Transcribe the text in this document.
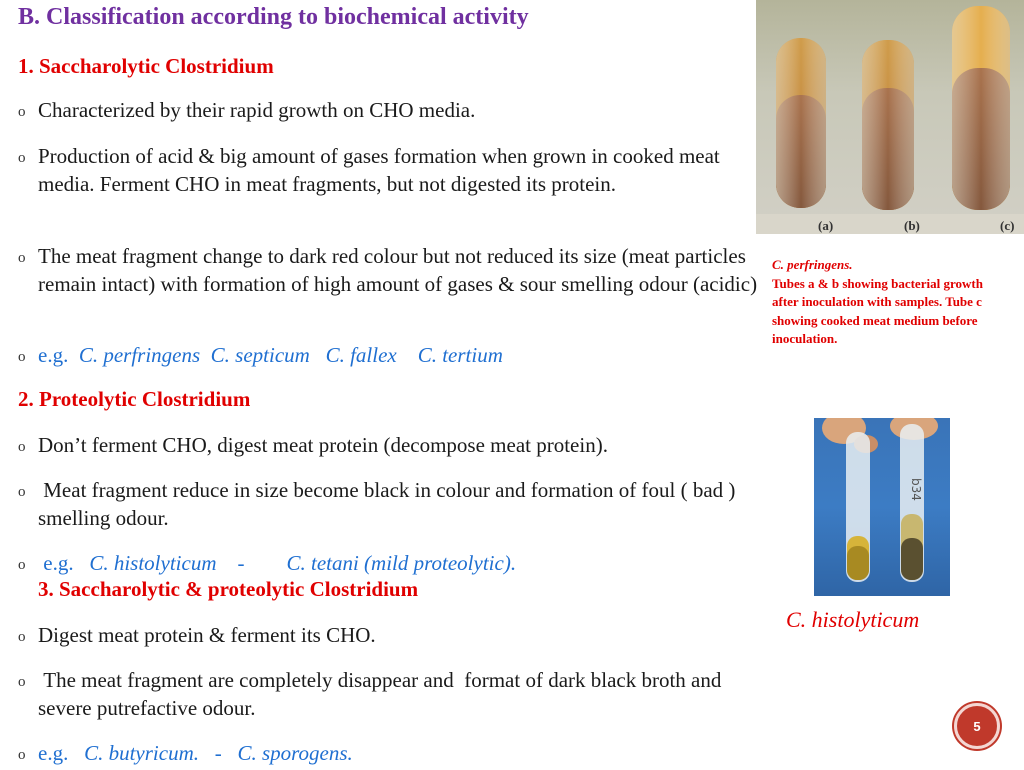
B. Classification according to biochemical activity
1. Saccharolytic Clostridium
o Characterized by their rapid growth on CHO media.
o Production of acid & big amount of gases formation when grown in cooked meat media. Ferment CHO in meat fragments, but not digested its protein.
o The meat fragment change to dark red colour but not reduced its size (meat particles remain intact) with formation of high amount of gases & sour smelling odour (acidic)
o e.g. C. perfringens  C. septicum   C. fallex    C. tertium
2. Proteolytic Clostridium
o Don’t ferment CHO, digest meat protein (decompose meat protein).
o Meat fragment reduce in size become black in colour and formation of foul ( bad ) smelling odour.
o e.g. C. histolyticum    -        C. tetani (mild proteolytic).
3. Saccharolytic & proteolytic Clostridium
o Digest meat protein & ferment its CHO.
o The meat fragment are completely disappear and  format of dark black broth and severe putrefactive odour.
o e.g. C. butyricum.   -   C. sporogens.
(a)	(b)	(c)
C. perfringens.
Tubes a & b showing bacterial growth after inoculation with samples. Tube c showing cooked meat medium before inoculation.
b34
C. histolyticum
5
